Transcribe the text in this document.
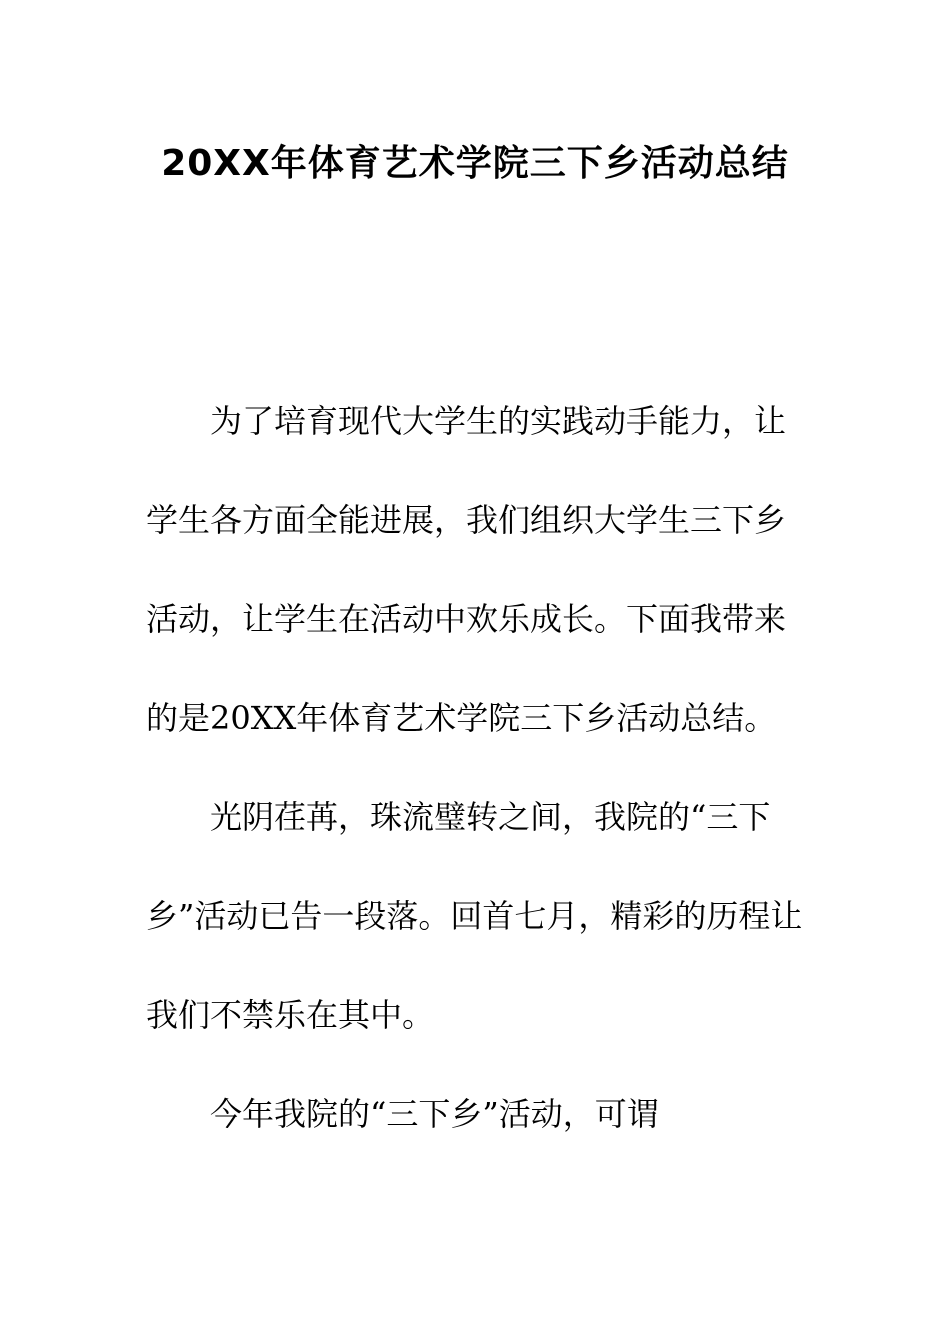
20XX年体育艺术学院三下乡活动总结

为了培育现代大学生的实践动手能力，让学生各方面全能进展，我们组织大学生三下乡活动，让学生在活动中欢乐成长。下面我带来的是20XX年体育艺术学院三下乡活动总结。

光阴荏苒，珠流璧转之间，我院的“三下乡”活动已告一段落。回首七月，精彩的历程让我们不禁乐在其中。

今年我院的“三下乡”活动，可谓
